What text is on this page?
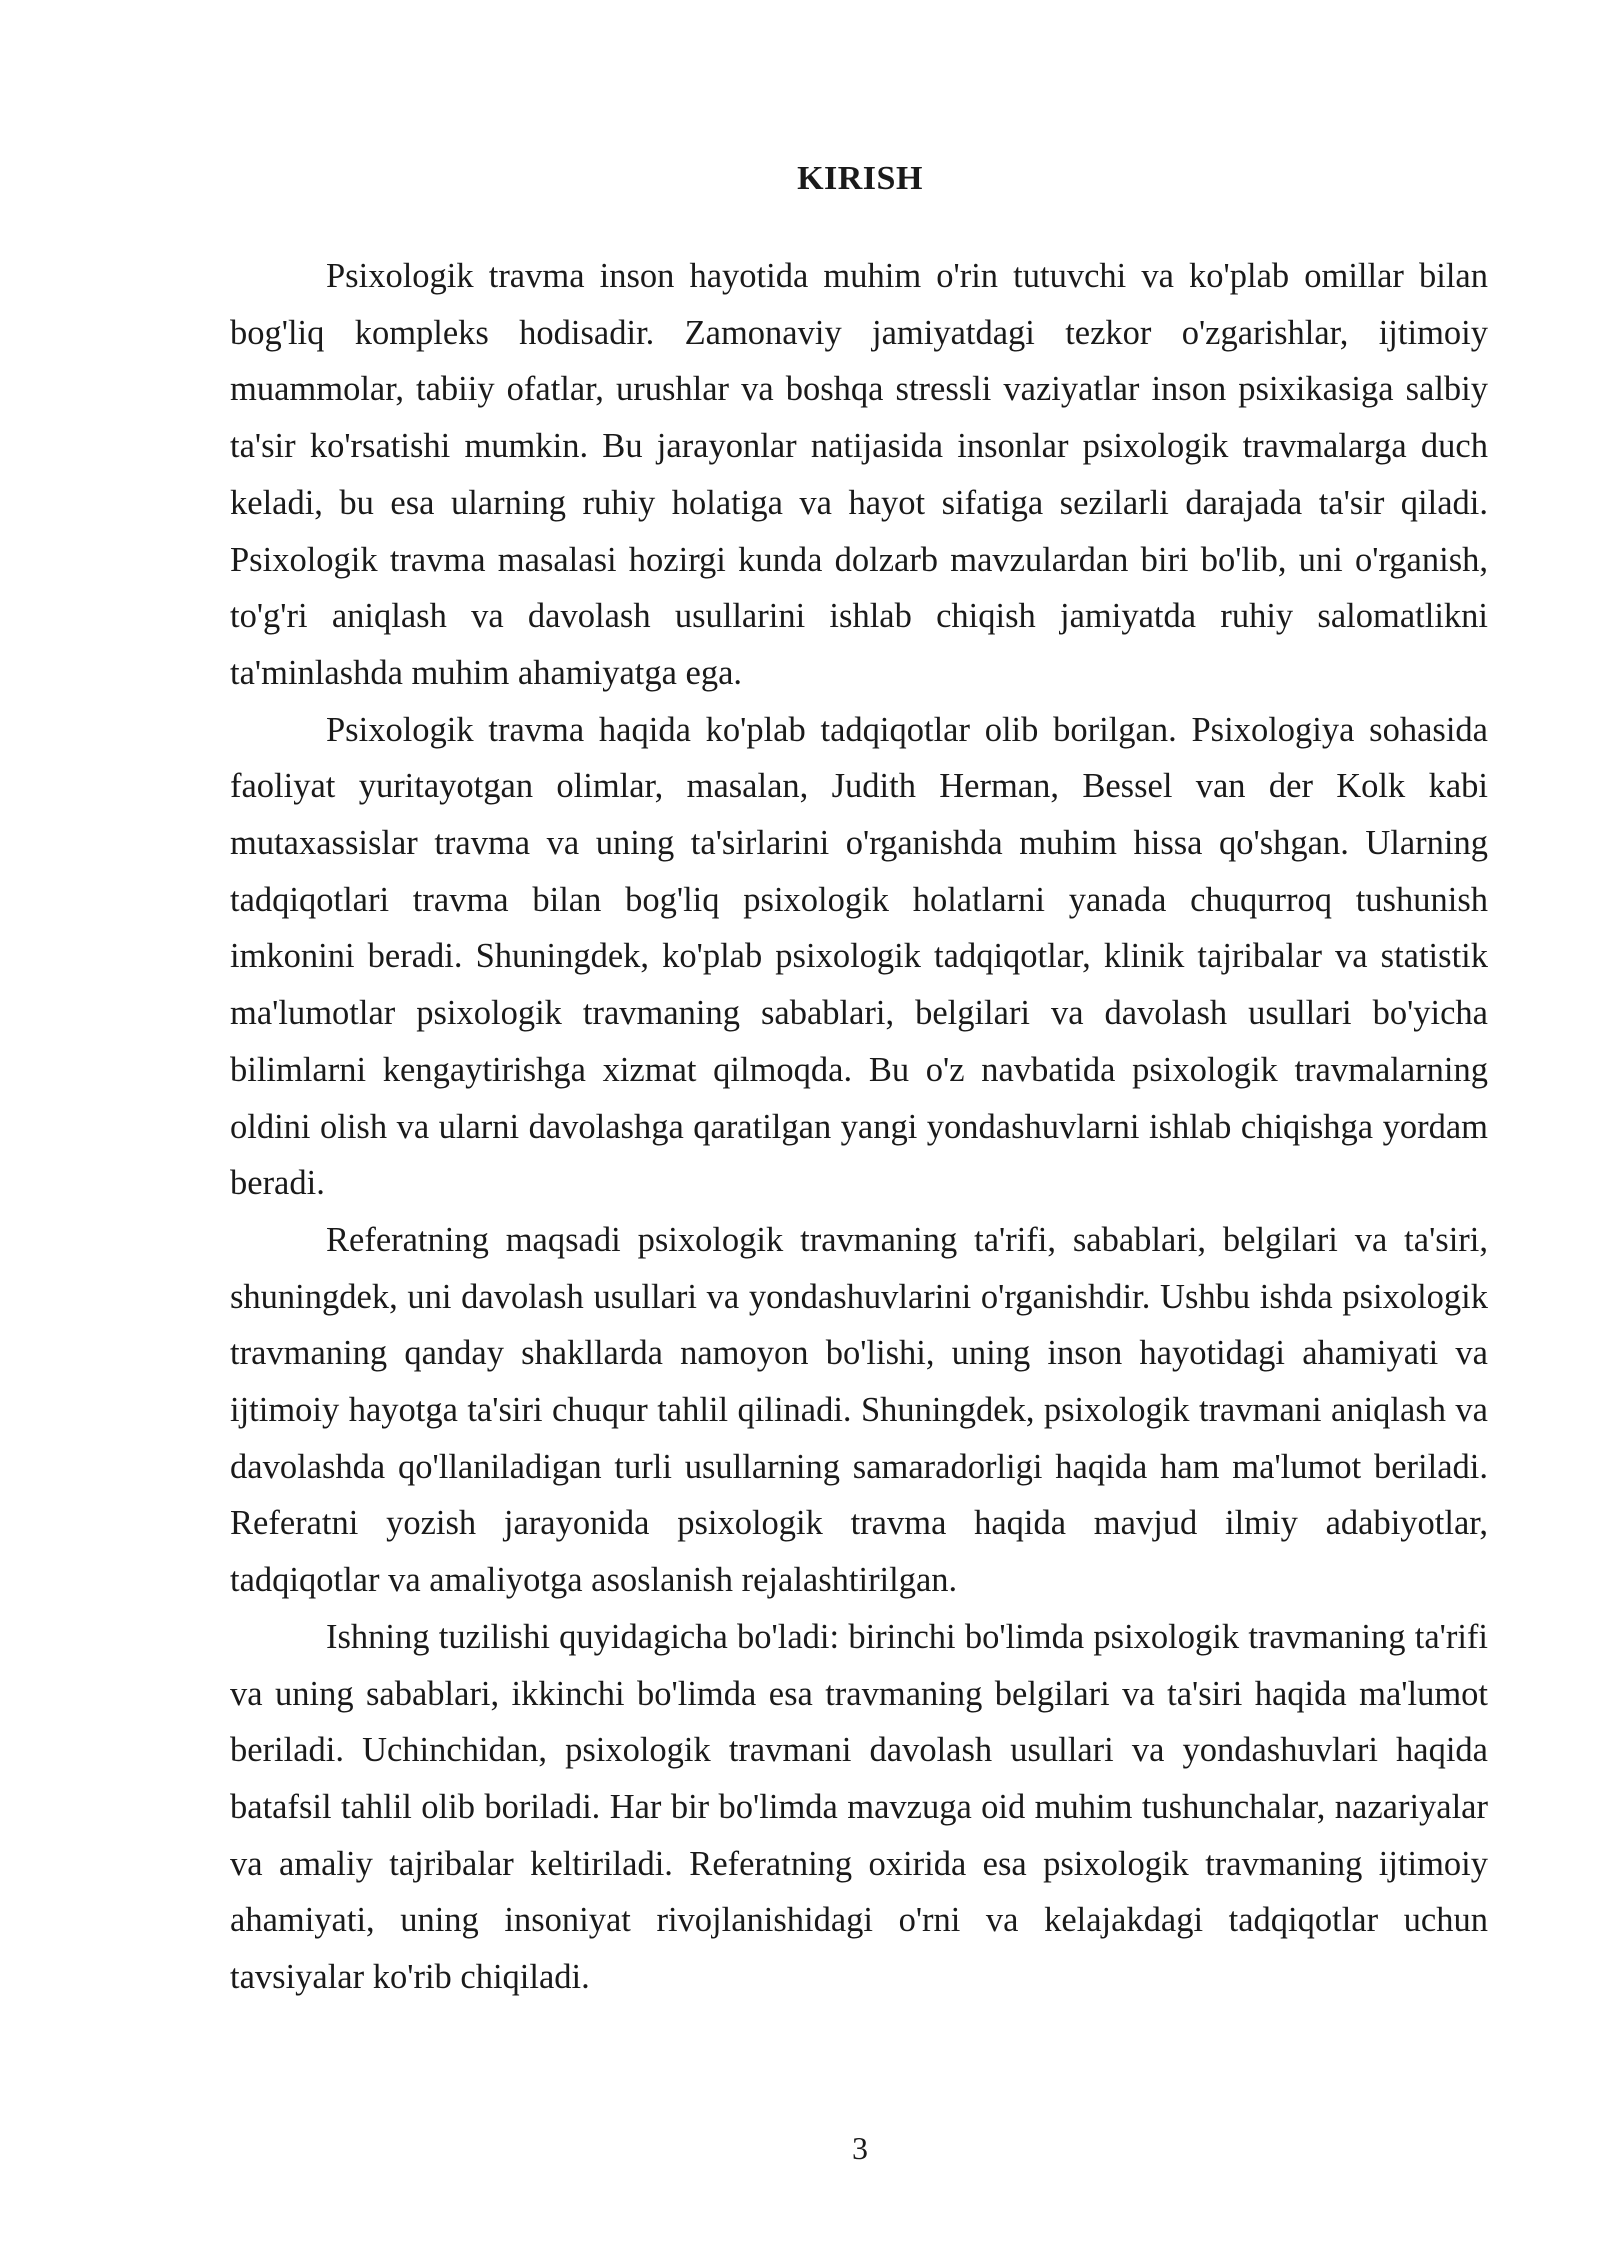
KIRISH

Psixologik travma inson hayotida muhim o'rin tutuvchi va ko'plab omillar bilan bog'liq kompleks hodisadir. Zamonaviy jamiyatdagi tezkor o'zgarishlar, ijtimoiy muammolar, tabiiy ofatlar, urushlar va boshqa stressli vaziyatlar inson psixikasiga salbiy ta'sir ko'rsatishi mumkin. Bu jarayonlar natijasida insonlar psixologik travmalarga duch keladi, bu esa ularning ruhiy holatiga va hayot sifatiga sezilarli darajada ta'sir qiladi. Psixologik travma masalasi hozirgi kunda dolzarb mavzulardan biri bo'lib, uni o'rganish, to'g'ri aniqlash va davolash usullarini ishlab chiqish jamiyatda ruhiy salomatlikni ta'minlashda muhim ahamiyatga ega.

Psixologik travma haqida ko'plab tadqiqotlar olib borilgan. Psixologiya sohasida faoliyat yuritayotgan olimlar, masalan, Judith Herman, Bessel van der Kolk kabi mutaxassislar travma va uning ta'sirlarini o'rganishda muhim hissa qo'shgan. Ularning tadqiqotlari travma bilan bog'liq psixologik holatlarni yanada chuqurroq tushunish imkonini beradi. Shuningdek, ko'plab psixologik tadqiqotlar, klinik tajribalar va statistik ma'lumotlar psixologik travmaning sabablari, belgilari va davolash usullari bo'yicha bilimlarni kengaytirishga xizmat qilmoqda. Bu o'z navbatida psixologik travmalarning oldini olish va ularni davolashga qaratilgan yangi yondashuvlarni ishlab chiqishga yordam beradi.

Referatning maqsadi psixologik travmaning ta'rifi, sabablari, belgilari va ta'siri, shuningdek, uni davolash usullari va yondashuvlarini o'rganishdir. Ushbu ishda psixologik travmaning qanday shakllarda namoyon bo'lishi, uning inson hayotidagi ahamiyati va ijtimoiy hayotga ta'siri chuqur tahlil qilinadi. Shuningdek, psixologik travmani aniqlash va davolashda qo'llaniladigan turli usullarning samaradorligi haqida ham ma'lumot beriladi. Referatni yozish jarayonida psixologik travma haqida mavjud ilmiy adabiyotlar, tadqiqotlar va amaliyotga asoslanish rejalashtirilgan.

Ishning tuzilishi quyidagicha bo'ladi: birinchi bo'limda psixologik travmaning ta'rifi va uning sabablari, ikkinchi bo'limda esa travmaning belgilari va ta'siri haqida ma'lumot beriladi. Uchinchidan, psixologik travmani davolash usullari va yondashuvlari haqida batafsil tahlil olib boriladi. Har bir bo'limda mavzuga oid muhim tushunchalar, nazariyalar va amaliy tajribalar keltiriladi. Referatning oxirida esa psixologik travmaning ijtimoiy ahamiyati, uning insoniyat rivojlanishidagi o'rni va kelajakdagi tadqiqotlar uchun tavsiyalar ko'rib chiqiladi.

3
